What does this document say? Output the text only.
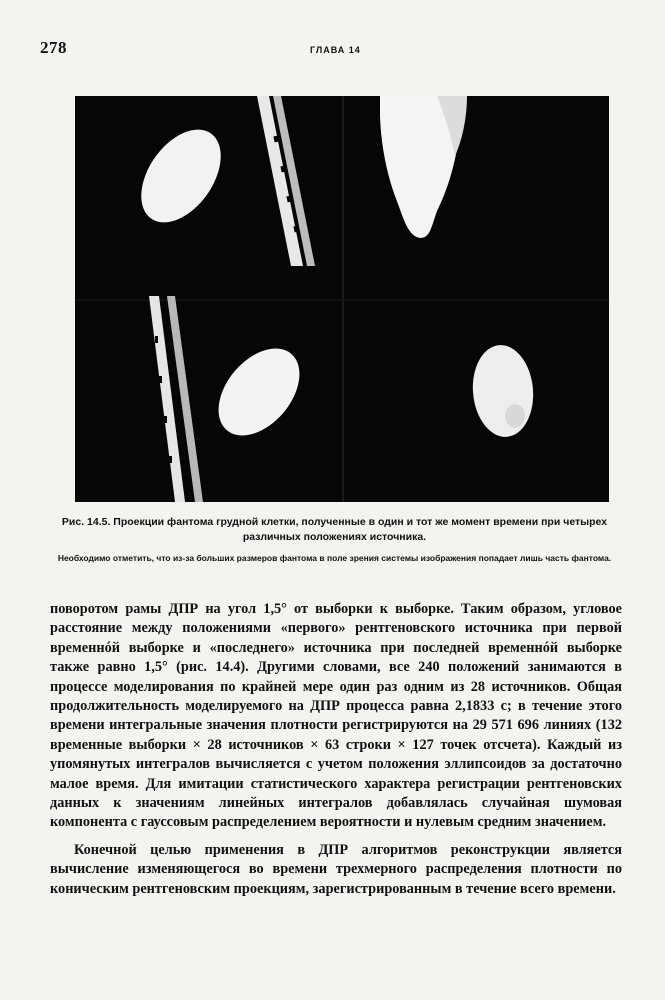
278	ГЛАВА 14
Рис. 14.5. Проекции фантома грудной клетки, полученные в один и тот же момент времени при четырех различных положениях источника.
Необходимо отметить, что из-за больших размеров фантома в поле зрения системы изображения попадает лишь часть фантома.

поворотом рамы ДПР на угол 1,5° от выборки к выборке. Таким образом, угловое расстояние между положениями «первого» рентгеновского источника при первой временнóй выборке и «последнего» источника при последней временнóй выборке также равно 1,5° (рис. 14.4). Другими словами, все 240 положений занимаются в процессе моделирования по крайней мере один раз одним из 28 источников. Общая продолжительность моделируемого на ДПР процесса равна 2,1833 с; в течение этого времени интегральные значения плотности регистрируются на 29 571 696 линиях (132 временные выборки × 28 источников × 63 строки × 127 точек отсчета). Каждый из упомянутых интегралов вычисляется с учетом положения эллипсоидов за достаточно малое время. Для имитации статистического характера регистрации рентгеновских данных к значениям линейных интегралов добавлялась случайная шумовая компонента с гауссовым распределением вероятности и нулевым средним значением.

Конечной целью применения в ДПР алгоритмов реконструкции является вычисление изменяющегося во времени трехмерного распределения плотности по коническим рентгеновским проекциям, зарегистрированным в течение всего времени.
